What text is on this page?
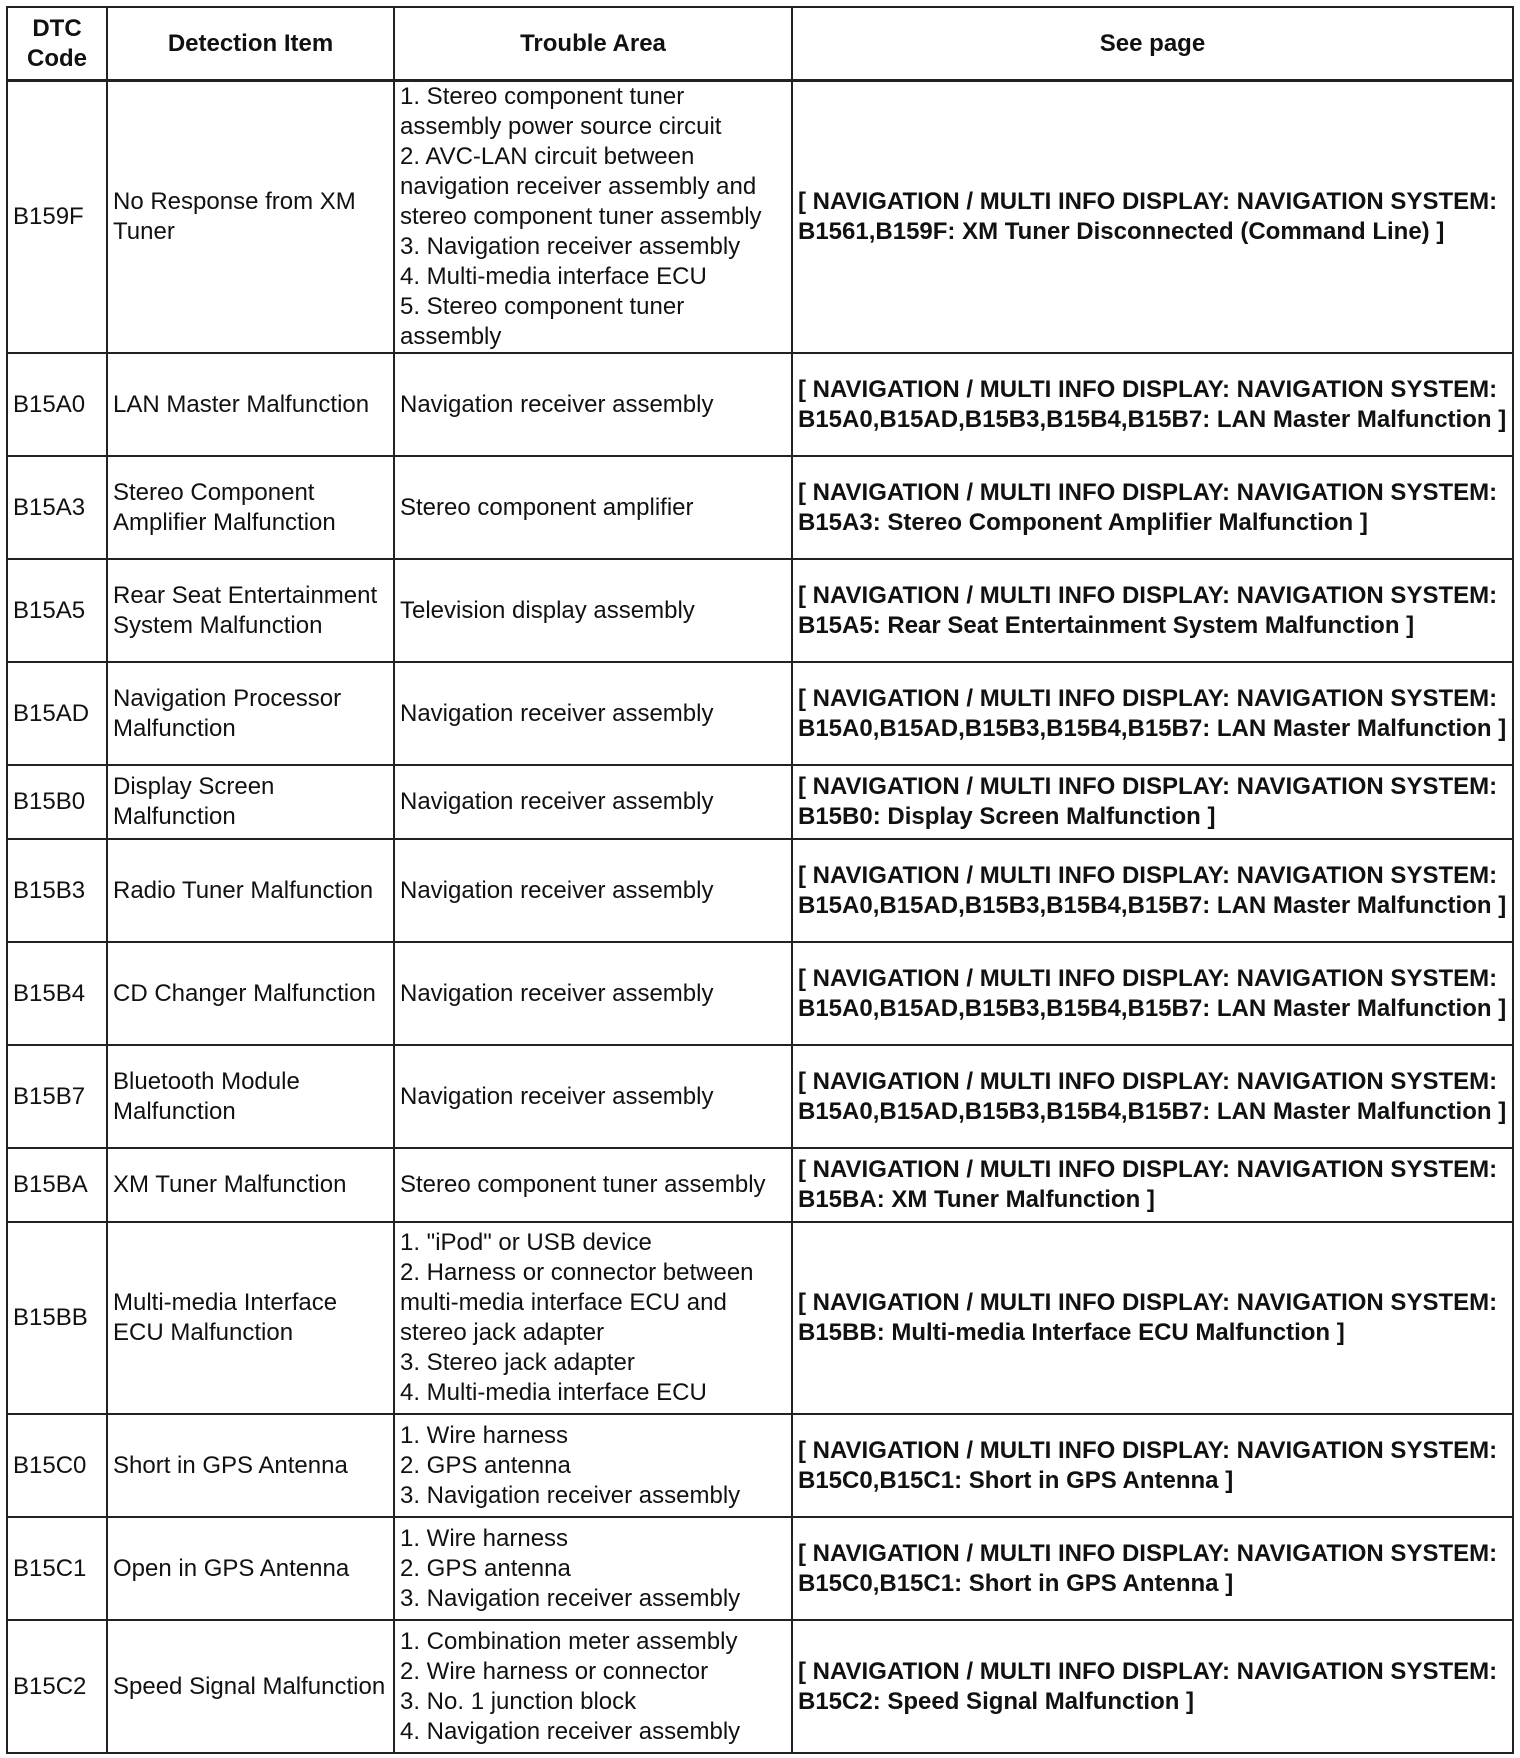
DTC Code	Detection Item	Trouble Area	See page
B159F	No Response from XM Tuner	1. Stereo component tuner assembly power source circuit
2. AVC-LAN circuit between navigation receiver assembly and stereo component tuner assembly
3. Navigation receiver assembly
4. Multi-media interface ECU
5. Stereo component tuner assembly	[ NAVIGATION / MULTI INFO DISPLAY: NAVIGATION SYSTEM: B1561,B159F: XM Tuner Disconnected (Command Line) ]
B15A0	LAN Master Malfunction	Navigation receiver assembly	[ NAVIGATION / MULTI INFO DISPLAY: NAVIGATION SYSTEM: B15A0,B15AD,B15B3,B15B4,B15B7: LAN Master Malfunction ]
B15A3	Stereo Component Amplifier Malfunction	Stereo component amplifier	[ NAVIGATION / MULTI INFO DISPLAY: NAVIGATION SYSTEM: B15A3: Stereo Component Amplifier Malfunction ]
B15A5	Rear Seat Entertainment System Malfunction	Television display assembly	[ NAVIGATION / MULTI INFO DISPLAY: NAVIGATION SYSTEM: B15A5: Rear Seat Entertainment System Malfunction ]
B15AD	Navigation Processor Malfunction	Navigation receiver assembly	[ NAVIGATION / MULTI INFO DISPLAY: NAVIGATION SYSTEM: B15A0,B15AD,B15B3,B15B4,B15B7: LAN Master Malfunction ]
B15B0	Display Screen Malfunction	Navigation receiver assembly	[ NAVIGATION / MULTI INFO DISPLAY: NAVIGATION SYSTEM: B15B0: Display Screen Malfunction ]
B15B3	Radio Tuner Malfunction	Navigation receiver assembly	[ NAVIGATION / MULTI INFO DISPLAY: NAVIGATION SYSTEM: B15A0,B15AD,B15B3,B15B4,B15B7: LAN Master Malfunction ]
B15B4	CD Changer Malfunction	Navigation receiver assembly	[ NAVIGATION / MULTI INFO DISPLAY: NAVIGATION SYSTEM: B15A0,B15AD,B15B3,B15B4,B15B7: LAN Master Malfunction ]
B15B7	Bluetooth Module Malfunction	Navigation receiver assembly	[ NAVIGATION / MULTI INFO DISPLAY: NAVIGATION SYSTEM: B15A0,B15AD,B15B3,B15B4,B15B7: LAN Master Malfunction ]
B15BA	XM Tuner Malfunction	Stereo component tuner assembly	[ NAVIGATION / MULTI INFO DISPLAY: NAVIGATION SYSTEM: B15BA: XM Tuner Malfunction ]
B15BB	Multi-media Interface ECU Malfunction	1. "iPod" or USB device
2. Harness or connector between multi-media interface ECU and stereo jack adapter
3. Stereo jack adapter
4. Multi-media interface ECU	[ NAVIGATION / MULTI INFO DISPLAY: NAVIGATION SYSTEM: B15BB: Multi-media Interface ECU Malfunction ]
B15C0	Short in GPS Antenna	1. Wire harness
2. GPS antenna
3. Navigation receiver assembly	[ NAVIGATION / MULTI INFO DISPLAY: NAVIGATION SYSTEM: B15C0,B15C1: Short in GPS Antenna ]
B15C1	Open in GPS Antenna	1. Wire harness
2. GPS antenna
3. Navigation receiver assembly	[ NAVIGATION / MULTI INFO DISPLAY: NAVIGATION SYSTEM: B15C0,B15C1: Short in GPS Antenna ]
B15C2	Speed Signal Malfunction	1. Combination meter assembly
2. Wire harness or connector
3. No. 1 junction block
4. Navigation receiver assembly	[ NAVIGATION / MULTI INFO DISPLAY: NAVIGATION SYSTEM: B15C2: Speed Signal Malfunction ]
